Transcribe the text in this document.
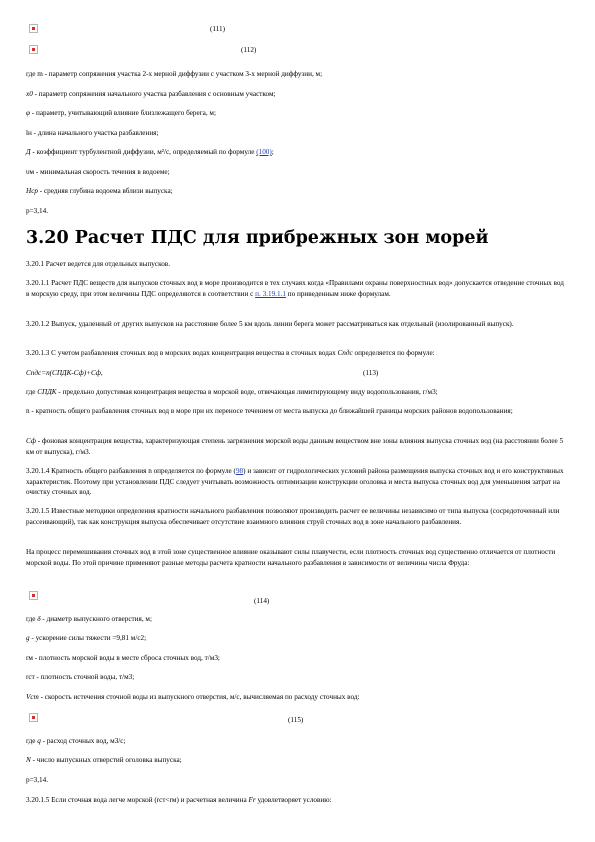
(111)
(112)

где m - параметр сопряжения участка 2-х мерной диффузии с участком 3-х мерной диффузии, м;

x0 - параметр сопряжения начального участка разбавления с основным участком;

φ - параметр, учитывающий влияние близлежащего берега, м;

lн - длина начального участка разбавления;

Д - коэффициент турбулентной диффузии, м²/с, определяемый по формуле (100);

υм - минимальная скорость течения в водоеме;

Hср - средняя глубина водоема вблизи выпуска;

p=3,14.

3.20 Расчет ПДС для прибрежных зон морей

3.20.1 Расчет ведется для отдельных выпусков.

3.20.1.1 Расчет ПДС веществ для выпусков сточных вод в море производится в тех случаях когда «Правилами охраны поверхностных вод» допускается отведение сточных вод в морскую среду, при этом величины ПДС определяются в соответствии с п. 3.19.1.1 по приведенным ниже формулам.

3.20.1.2 Выпуск, удаленный от других выпусков на расстояние более 5 км вдоль линии берега может рассматриваться как отдельный (изолированный выпуск).

3.20.1.3 С учетом разбавления сточных вод в морских водах концентрация вещества в сточных водах Спдс определяется по формуле:

Спдс=n(СПДК-Сф)+Сф,	(113)

где СПДК - предельно допустимая концентрация вещества в морской воде, отвечающая лимитирующему виду водопользования, г/м3;

n - кратность общего разбавления сточных вод в море при их переносе течением от места выпуска до ближайшей границы морских районов водопользования;

Сф - фоновая концентрация вещества, характеризующая степень загрязнения морской воды данным веществом вне зоны влияния выпуска сточных вод (на расстоянии более 5 км от выпуска), г/м3.

3.20.1.4 Кратность общего разбавления n определяется по формуле (98) и зависит от гидрологических условий района размещения выпуска сточных вод и его конструктивных характеристик. Поэтому при установлении ПДС следует учитывать возможность оптимизации конструкции оголовка и места выпуска сточных вод для уменьшения затрат на очистку сточных вод.

3.20.1.5 Известные методики определения кратности начального разбавления позволяют производить расчет ее величины независимо от типа выпуска (сосредоточенный или рассеивающий), так как конструкция выпуска обеспечивает отсутствие взаимного влияния струй сточных вод в зоне начального разбавления.

На процесс перемешивания сточных вод в этой зоне существенное влияние оказывают силы плавучести, если плотность сточных вод существенно отличается от плотности морской воды. По этой причине применяют разные методы расчета кратности начального разбавления в зависимости от величины числа Фруда:

(114)

где δ - диаметр выпускного отверстия, м;

g - ускорение силы тяжести =9,81 м/с2;

rм - плотность морской воды в месте сброса сточных вод, т/м3;

rст - плотность сточной воды, т/м3;

Vст - скорость истечения сточной воды из выпускного отверстия, м/с, вычисляемая по расходу сточных вод:

(115)

где q - расход сточных вод, м3/с;

N - число выпускных отверстий оголовка выпуска;

p=3,14.

3.20.1.5 Если сточная вода легче морской (rст<rм) и расчетная величина Fr удовлетворяет условию:
